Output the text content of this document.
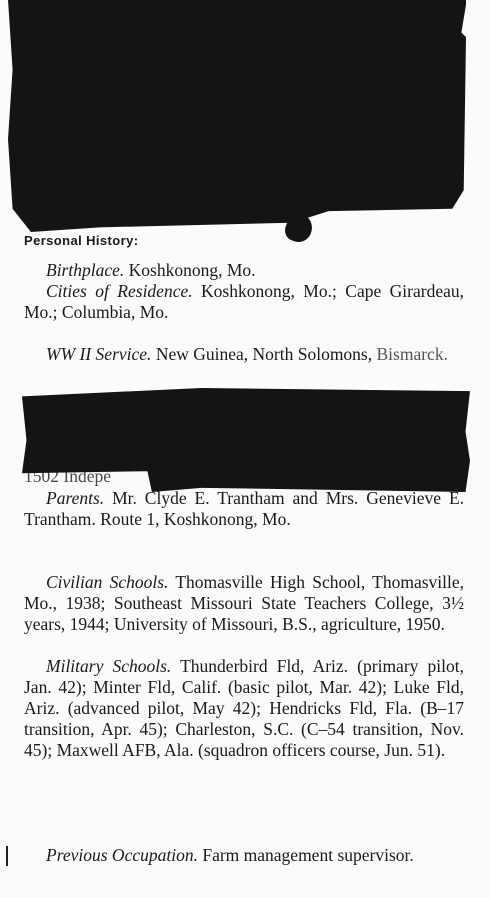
Personal History:

Birthplace. Koshkonong, Mo.

Cities of Residence. Koshkonong, Mo.; Cape Girardeau, Mo.; Columbia, Mo.

WW II Service. New Guinea, North Solomons, Bismarck.

1502 Indepe

Parents. Mr. Clyde E. Trantham and Mrs. Genevieve E. Trantham. Route 1, Koshkonong, Mo.

Civilian Schools. Thomasville High School, Thomasville, Mo., 1938; Southeast Missouri State Teachers College, 3½ years, 1944; University of Missouri, B.S., agriculture, 1950.

Military Schools. Thunderbird Fld, Ariz. (primary pilot, Jan. 42); Minter Fld, Calif. (basic pilot, Mar. 42); Luke Fld, Ariz. (advanced pilot, May 42); Hendricks Fld, Fla. (B–17 transition, Apr. 45); Charleston, S.C. (C–54 transition, Nov. 45); Maxwell AFB, Ala. (squadron officers course, Jun. 51).

Previous Occupation. Farm management supervisor.
